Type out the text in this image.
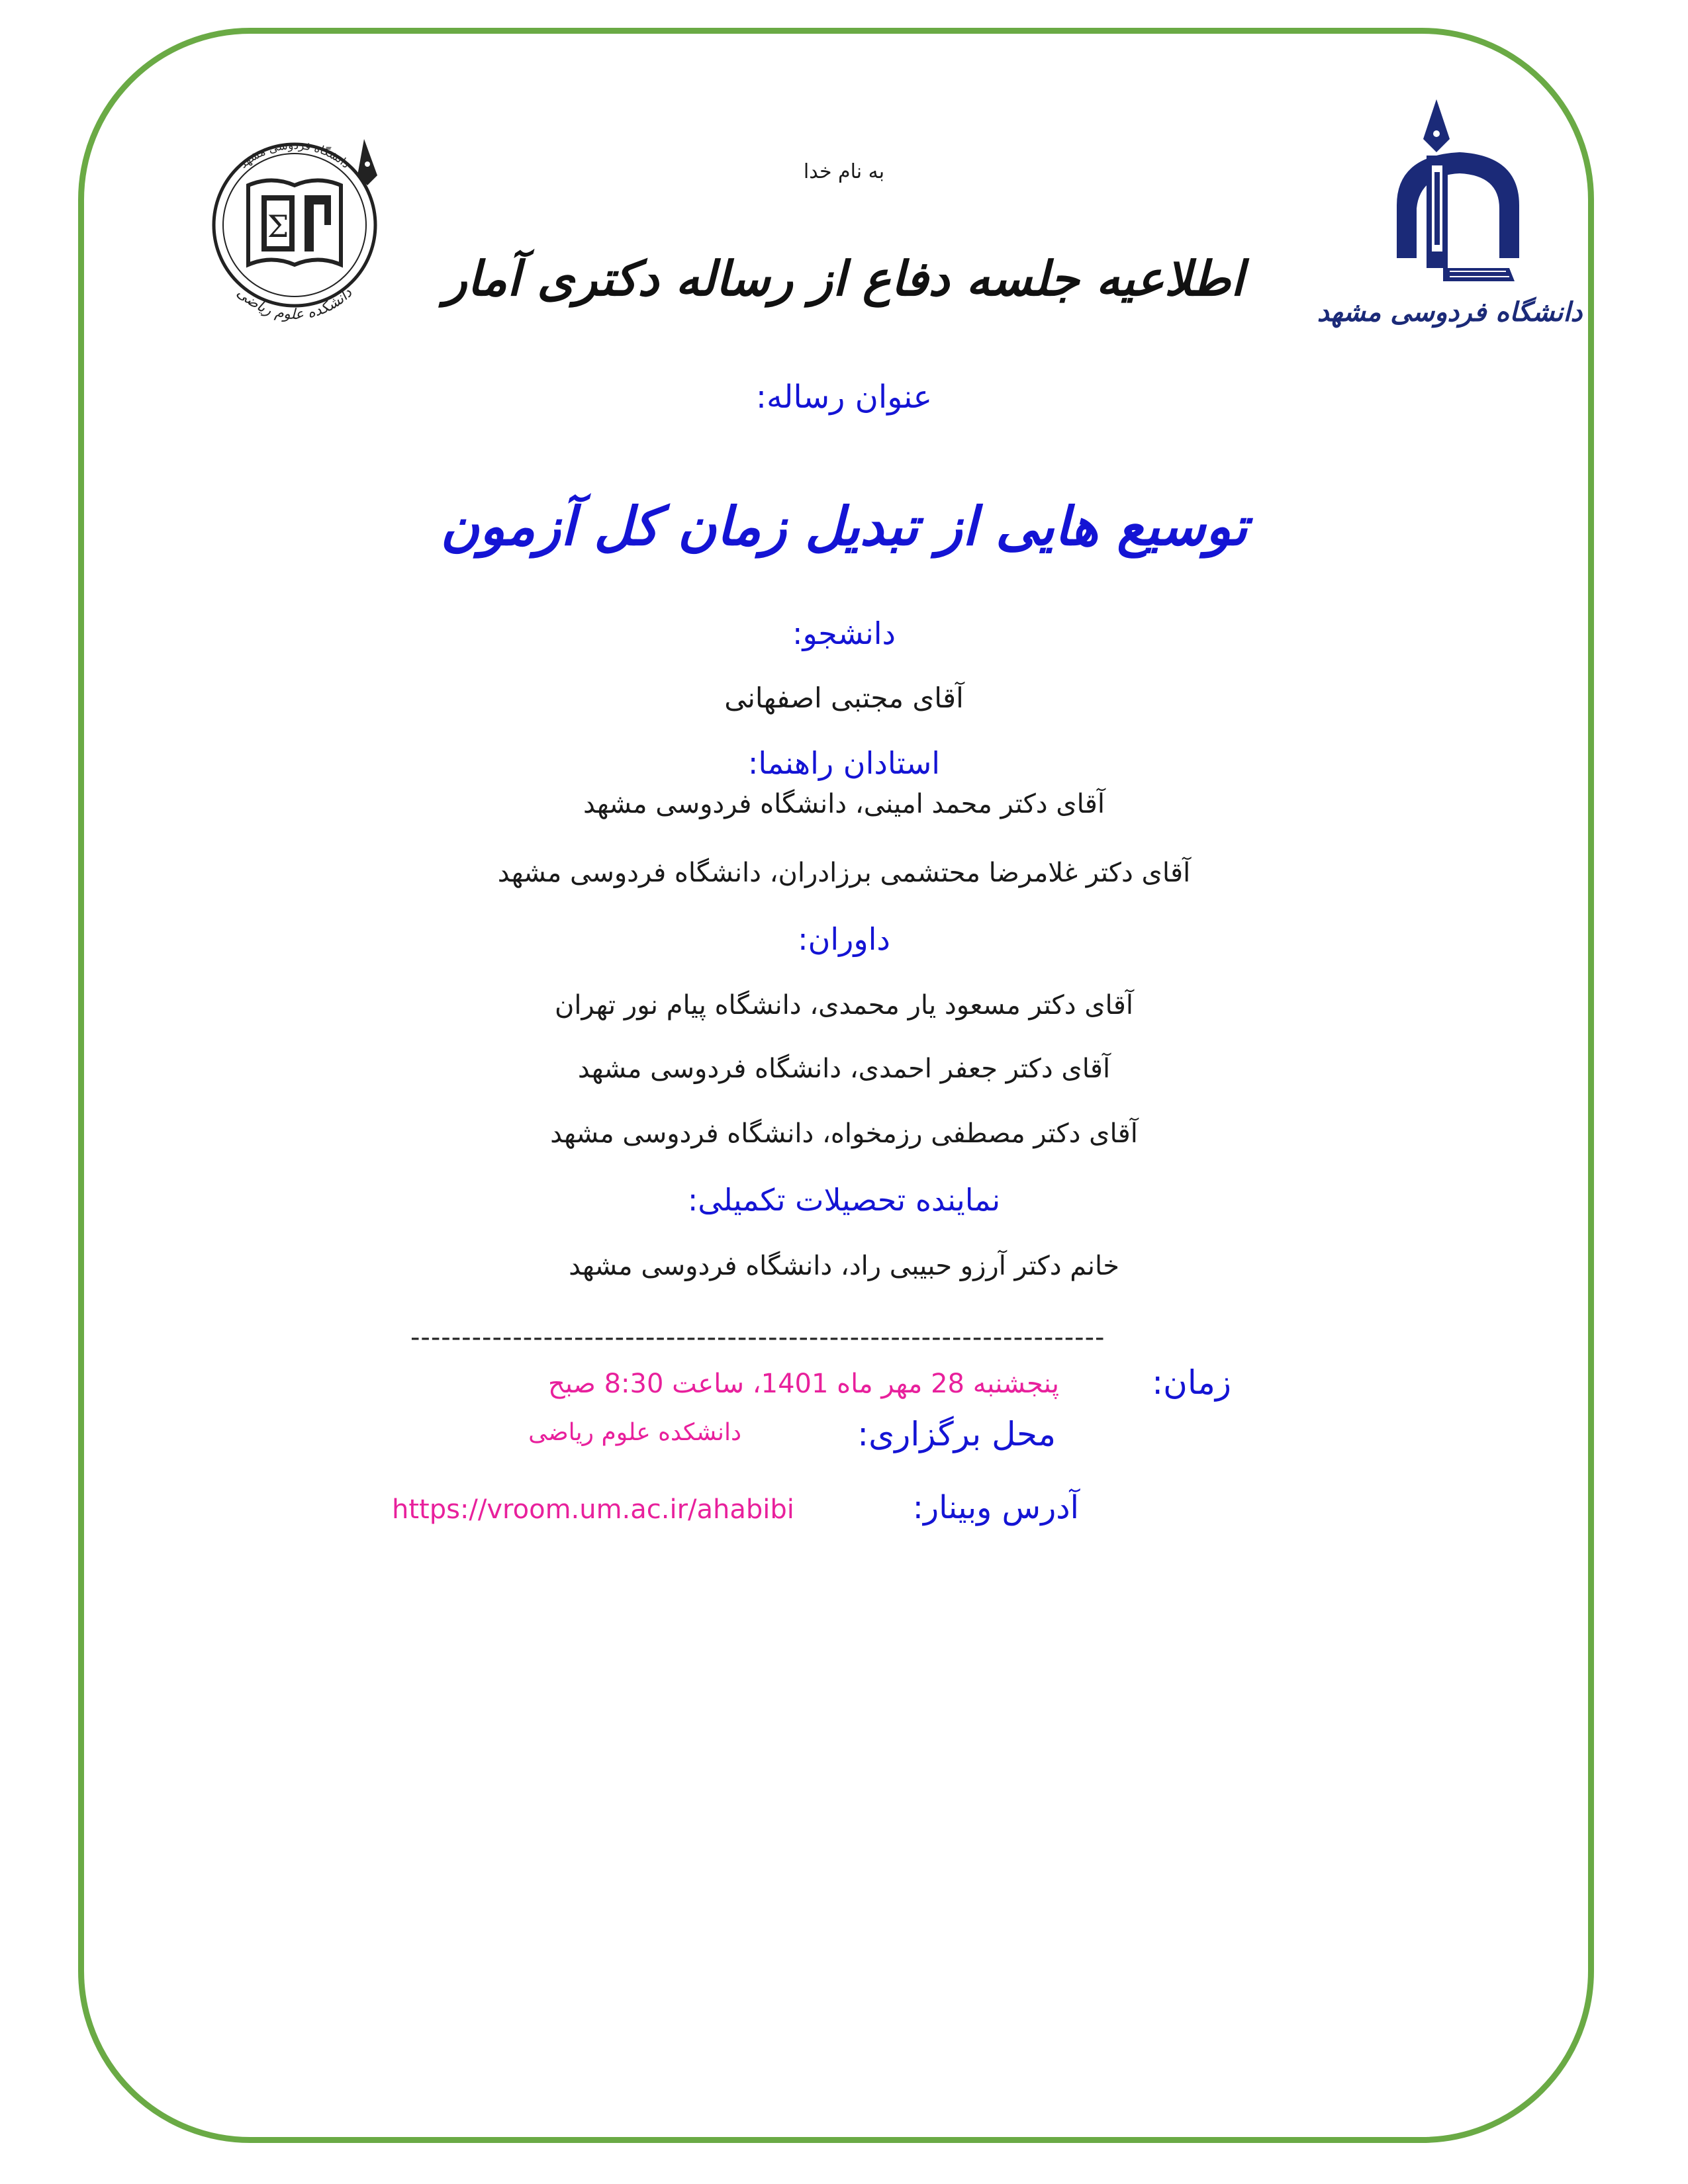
Σ
دانشگاه فردوسی مشهد
دانشکده علوم ریاضی
دانشگاه فردوسی مشهد
به نام خدا
اطلاعیه جلسه دفاع از رساله دکتری آمار
عنوان رساله:
توسیع هایی از تبدیل زمان کل آزمون
دانشجو:
آقای مجتبی اصفهانی
استادان راهنما:
آقای دکتر محمد امینی، دانشگاه فردوسی مشهد
آقای دکتر غلامرضا محتشمی برزادران، دانشگاه فردوسی مشهد
داوران:
آقای دکتر مسعود یار محمدی، دانشگاه پیام نور تهران
آقای دکتر جعفر احمدی، دانشگاه فردوسی مشهد
آقای دکتر مصطفی رزمخواه، دانشگاه فردوسی مشهد
نماینده تحصیلات تکمیلی:
خانم دکتر آرزو حبیبی راد، دانشگاه فردوسی مشهد
--------------------------------------------------------------------
زمان:
پنجشنبه 28 مهر ماه 1401، ساعت 8:30 صبح
محل برگزاری:
دانشکده علوم ریاضی
آدرس وبینار:
https://vroom.um.ac.ir/ahabibi
